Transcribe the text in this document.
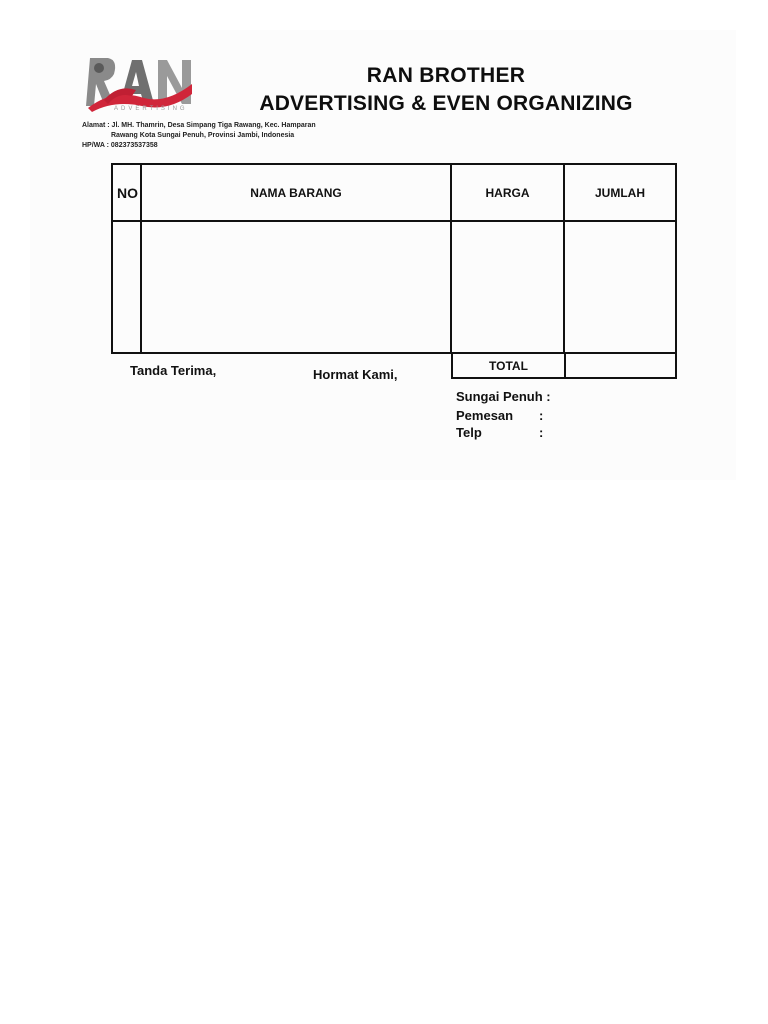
ADVERTISING
RAN BROTHER
ADVERTISING & EVEN ORGANIZING
Alamat : Jl. MH. Thamrin, Desa Simpang Tiga Rawang, Kec. Hamparan
Rawang Kota Sungai Penuh, Provinsi Jambi, Indonesia
HP/WA : 082373537358
NO	NAMA BARANG	HARGA	JUMLAH
TOTAL
Tanda Terima,	Hormat Kami,
Sungai Penuh :
Pemesan :
Telp	:
